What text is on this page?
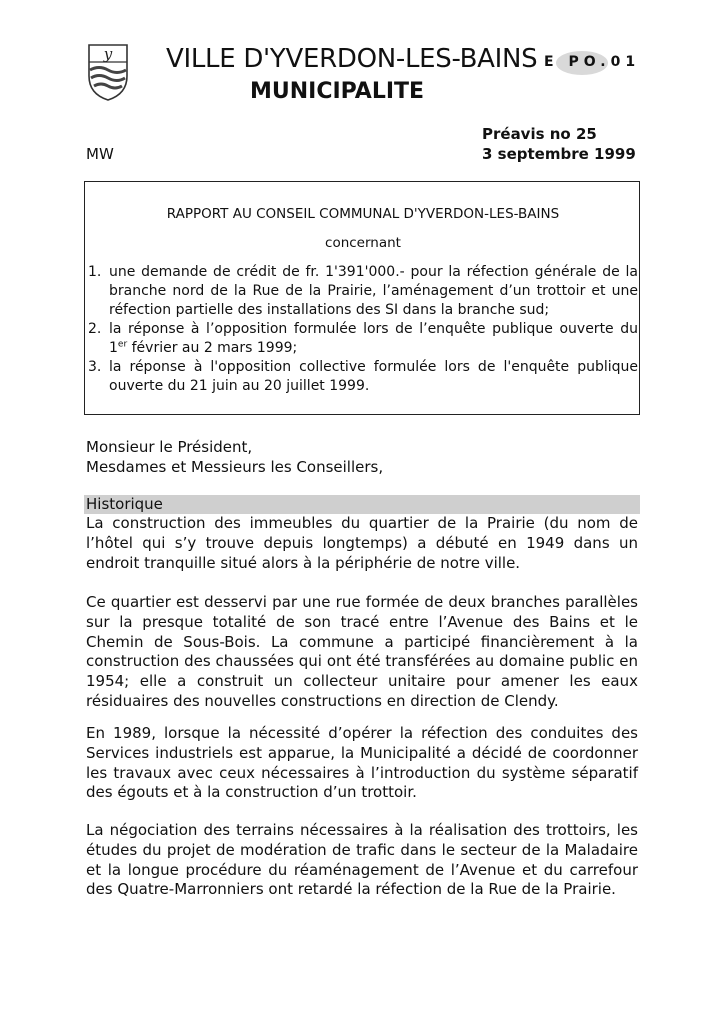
y VILLE D'YVERDON-LES-BAINS
MUNICIPALITE
E PO.01
Préavis no 25
3 septembre 1999
MW
RAPPORT AU CONSEIL COMMUNAL D'YVERDON-LES-BAINS
concernant
1. une demande de crédit de fr. 1'391'000.- pour la réfection générale de la branche nord de la Rue de la Prairie, l’aménagement d’un trottoir et une réfection partielle des installations des SI dans la branche sud;
2. la réponse à l’opposition formulée lors de l’enquête publique ouverte du 1er février au 2 mars 1999;
3. la réponse à l'opposition collective formulée lors de l'enquête publique ouverte du 21 juin au 20 juillet 1999.
Monsieur le Président,
Mesdames et Messieurs les Conseillers,
Historique

La construction des immeubles du quartier de la Prairie (du nom de l’hôtel qui s’y trouve depuis longtemps) a débuté en 1949 dans un endroit tranquille situé alors à la périphérie de notre ville.

Ce quartier est desservi par une rue formée de deux branches parallèles sur la presque totalité de son tracé entre l’Avenue des Bains et le Chemin de Sous-Bois. La commune a participé financièrement à la construction des chaussées qui ont été transférées au domaine public en 1954; elle a construit un collecteur unitaire pour amener les eaux résiduaires des nouvelles constructions en direction de Clendy.

En 1989, lorsque la nécessité d’opérer la réfection des conduites des Services industriels est apparue, la Municipalité a décidé de coordonner les travaux avec ceux nécessaires à l’introduction du système séparatif des égouts et à la construction d’un trottoir.

La négociation des terrains nécessaires à la réalisation des trottoirs, les études du projet de modération de trafic dans le secteur de la Maladaire et la longue procédure du réaménagement de l’Avenue et du carrefour des Quatre-Marronniers ont retardé la réfection de la Rue de la Prairie.
